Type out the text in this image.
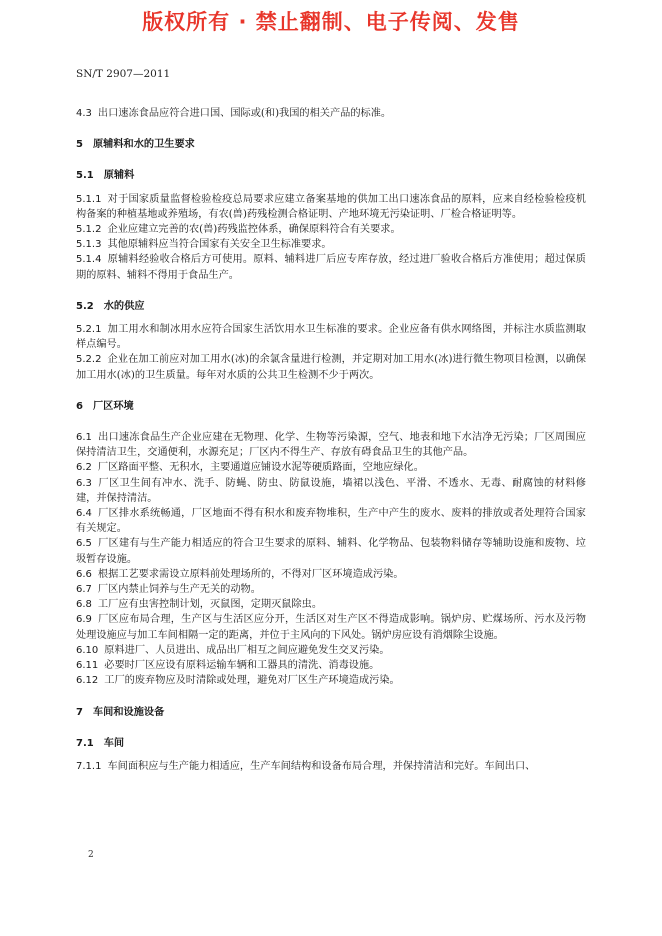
版权所有 · 禁止翻制、电子传阅、发售
SN/T 2907—2011

4.3 出口速冻食品应符合进口国、国际或(和)我国的相关产品的标准。

5 原辅料和水的卫生要求

5.1 原辅料

5.1.1 对于国家质量监督检验检疫总局要求应建立备案基地的供加工出口速冻食品的原料，应来自经检验检疫机构备案的种植基地或养殖场，有农(兽)药残检测合格证明、产地环境无污染证明、厂检合格证明等。

5.1.2 企业应建立完善的农(兽)药残监控体系，确保原料符合有关要求。

5.1.3 其他原辅料应当符合国家有关安全卫生标准要求。

5.1.4 原辅料经验收合格后方可使用。原料、辅料进厂后应专库存放，经过进厂验收合格后方准使用；超过保质期的原料、辅料不得用于食品生产。

5.2 水的供应

5.2.1 加工用水和制冰用水应符合国家生活饮用水卫生标准的要求。企业应备有供水网络图，并标注水质监测取样点编号。

5.2.2 企业在加工前应对加工用水(冰)的余氯含量进行检测，并定期对加工用水(冰)进行微生物项目检测，以确保加工用水(冰)的卫生质量。每年对水质的公共卫生检测不少于两次。

6 厂区环境

6.1 出口速冻食品生产企业应建在无物理、化学、生物等污染源，空气、地表和地下水洁净无污染；厂区周围应保持清洁卫生，交通便利，水源充足；厂区内不得生产、存放有碍食品卫生的其他产品。

6.2 厂区路面平整、无积水，主要通道应铺设水泥等硬质路面，空地应绿化。

6.3 厂区卫生间有冲水、洗手、防蝇、防虫、防鼠设施，墙裙以浅色、平滑、不透水、无毒、耐腐蚀的材料修建，并保持清洁。

6.4 厂区排水系统畅通，厂区地面不得有积水和废弃物堆积，生产中产生的废水、废料的排放或者处理符合国家有关规定。

6.5 厂区建有与生产能力相适应的符合卫生要求的原料、辅料、化学物品、包装物料储存等辅助设施和废物、垃圾暂存设施。

6.6 根据工艺要求需设立原料前处理场所的，不得对厂区环境造成污染。

6.7 厂区内禁止饲养与生产无关的动物。

6.8 工厂应有虫害控制计划，灭鼠图，定期灭鼠除虫。

6.9 厂区应布局合理，生产区与生活区应分开，生活区对生产区不得造成影响。锅炉房、贮煤场所、污水及污物处理设施应与加工车间相隔一定的距离，并位于主风向的下风处。锅炉房应设有消烟除尘设施。

6.10 原料进厂、人员进出、成品出厂相互之间应避免发生交叉污染。

6.11 必要时厂区应设有原料运输车辆和工器具的清洗、消毒设施。

6.12 工厂的废弃物应及时清除或处理，避免对厂区生产环境造成污染。

7 车间和设施设备

7.1 车间

7.1.1 车间面积应与生产能力相适应，生产车间结构和设备布局合理，并保持清洁和完好。车间出口、

2
